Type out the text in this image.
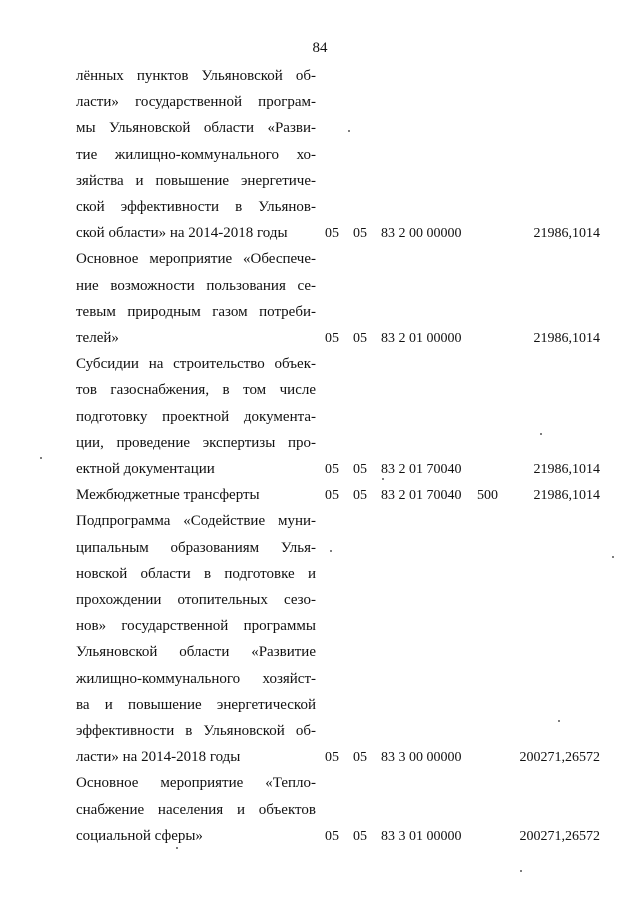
84
лённых пунктов Ульяновской об-
ласти» государственной програм-
мы Ульяновской области «Разви-
тие жилищно-коммунального хо-
зяйства и повышение энергетиче-
ской эффективности в Ульянов-
ской области» на 2014-2018 годы	05 05 83 2 00 00000	21986,1014
Основное мероприятие «Обеспече-
ние возможности пользования се-
тевым природным газом потреби-
телей»	05 05 83 2 01 00000	21986,1014
Субсидии на строительство объек-
тов газоснабжения, в том числе
подготовку проектной документа-
ции, проведение экспертизы про-
ектной документации	05 05 83 2 01 70040	21986,1014
Межбюджетные трансферты	05 05 83 2 01 70040 500	21986,1014
Подпрограмма «Содействие муни-
ципальным образованиям Улья-
новской области в подготовке и
прохождении отопительных сезо-
нов» государственной программы
Ульяновской области «Развитие
жилищно-коммунального хозяйст-
ва и повышение энергетической
эффективности в Ульяновской об-
ласти» на 2014-2018 годы	05 05 83 3 00 00000	200271,26572
Основное мероприятие «Тепло-
снабжение населения и объектов
социальной сферы»	05 05 83 3 01 00000	200271,26572
